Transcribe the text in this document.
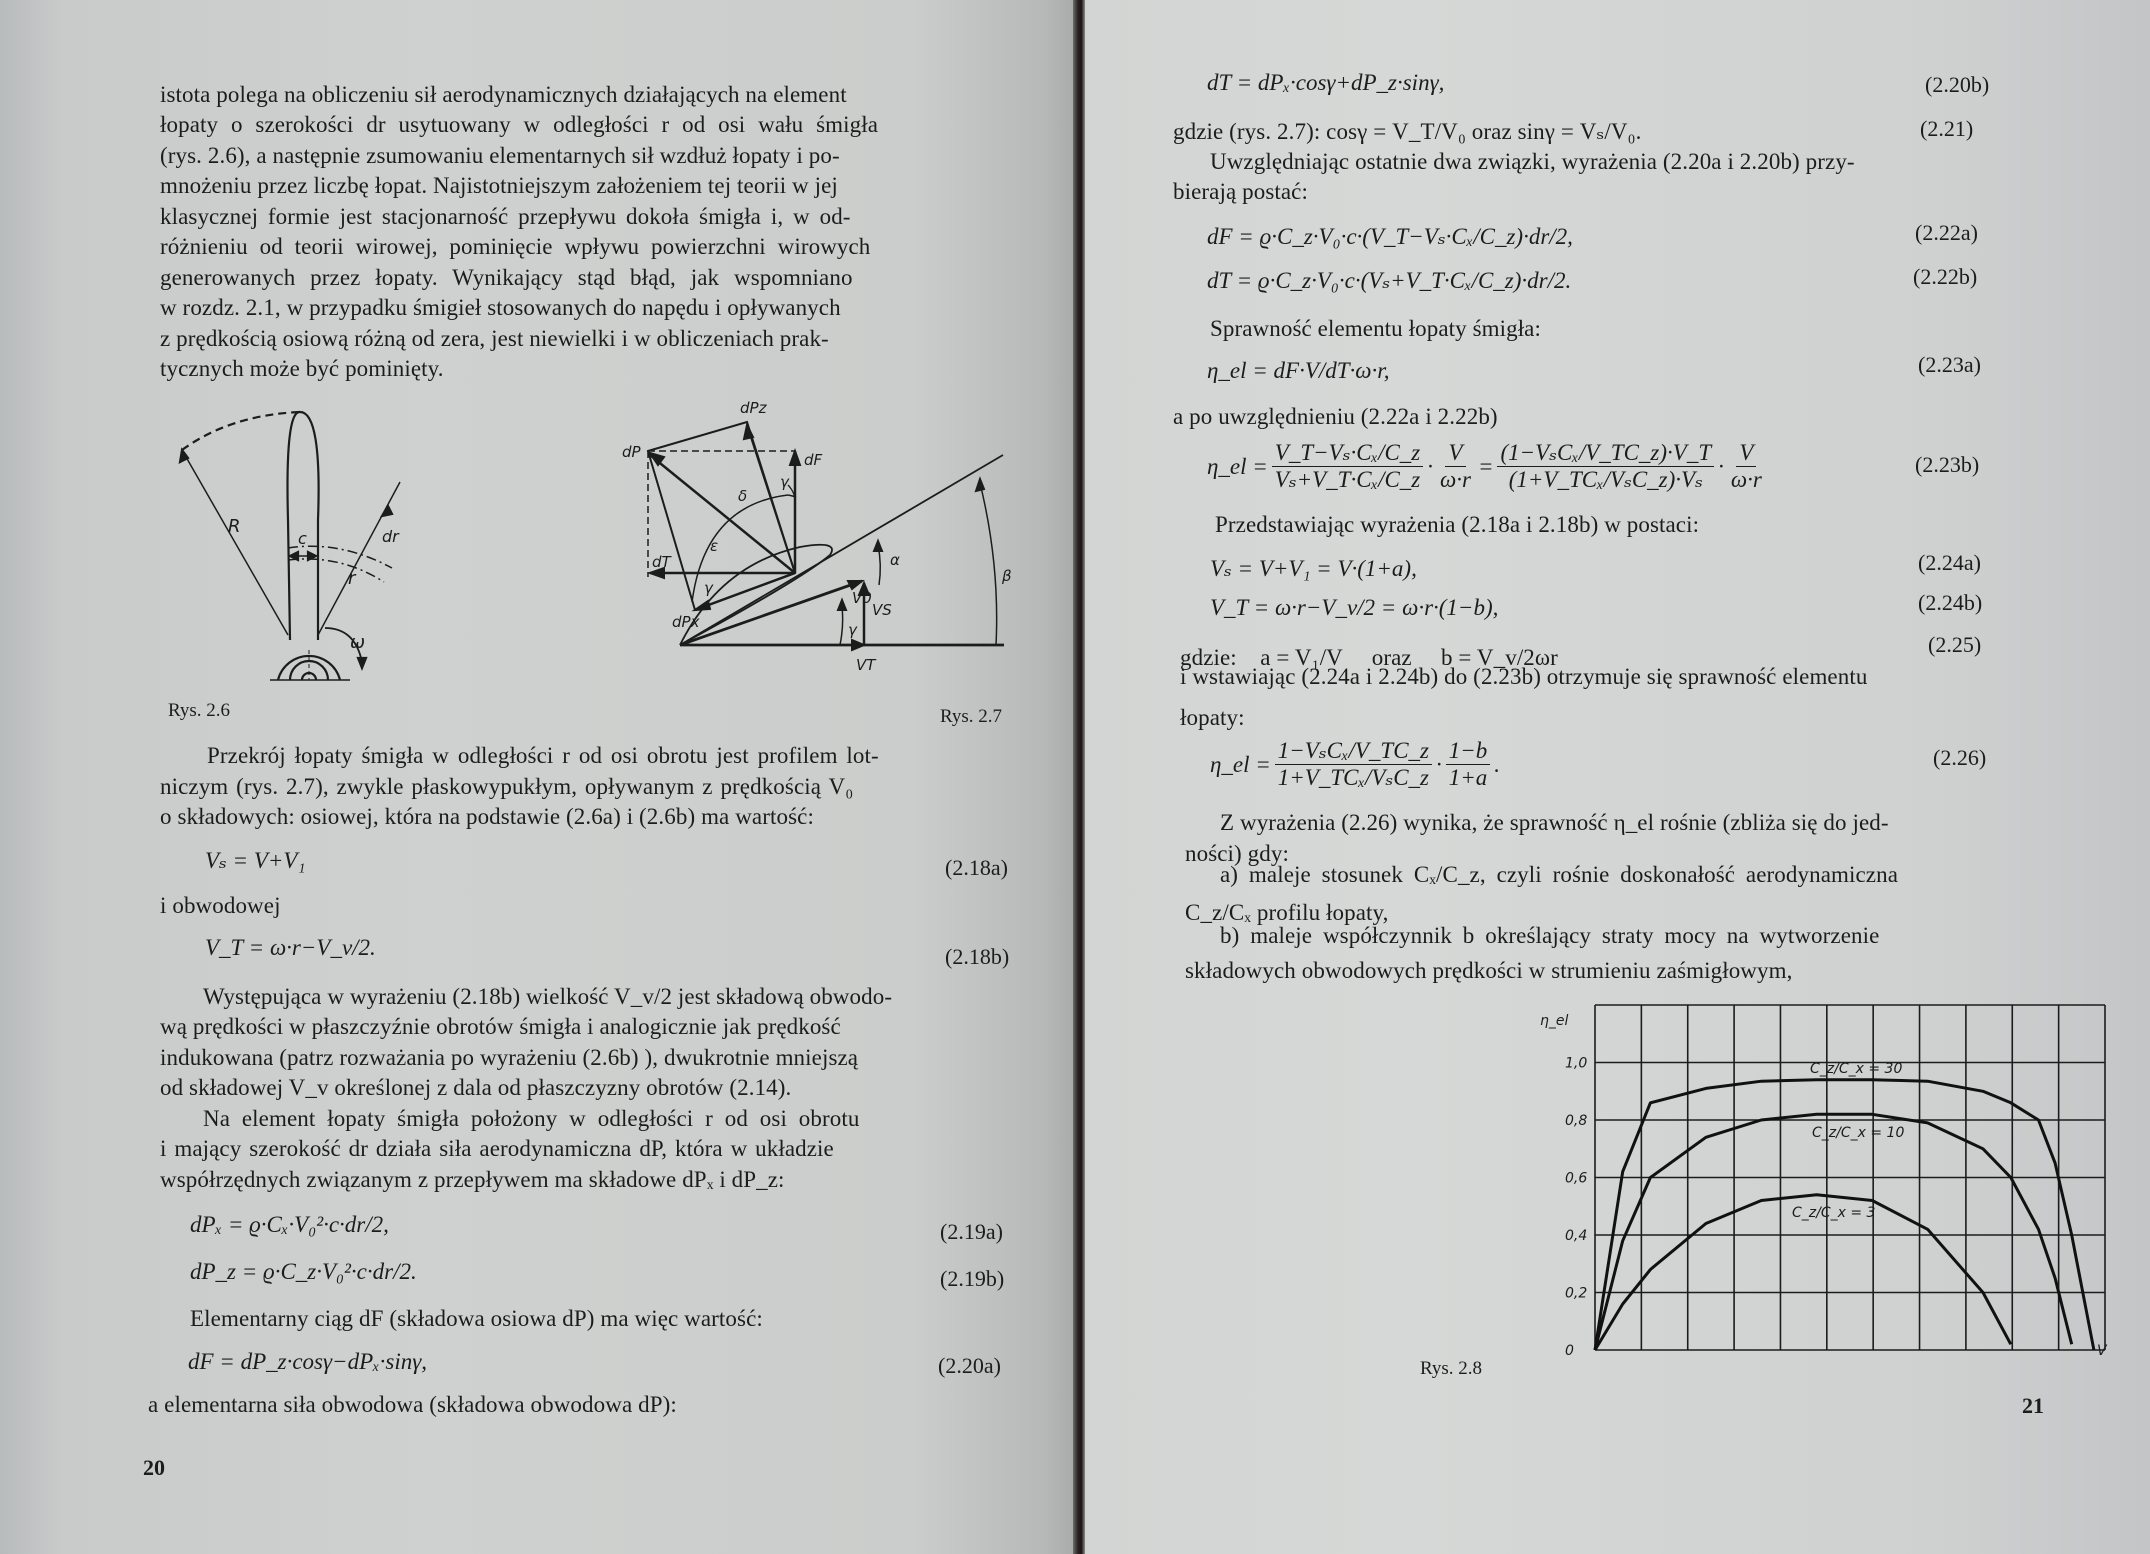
istota polega na obliczeniu sił aerodynamicznych działających na element
łopaty o szerokości dr usytuowany w odległości r od osi wału śmigła
(rys. 2.6), a następnie zsumowaniu elementarnych sił wzdłuż łopaty i po-
mnożeniu przez liczbę łopat. Najistotniejszym założeniem tej teorii w jej
klasycznej formie jest stacjonarność przepływu dokoła śmigła i, w od-
różnieniu od teorii wirowej, pominięcie wpływu powierzchni wirowych
generowanych przez łopaty. Wynikający stąd błąd, jak wspomniano
w rozdz. 2.1, w przypadku śmigieł stosowanych do napędu i opływanych
z prędkością osiową różną od zera, jest niewielki i w obliczeniach prak-
tycznych może być pominięty.
R
c	dr
r
ω
Rys. 2.6
dPz
dP	dF
dT
dPx
γ
δ
ε
γ
α
β
V0
VS
γ
VT
Rys. 2.7
Przekrój łopaty śmigła w odległości r od osi obrotu jest profilem lot-
niczym (rys. 2.7), zwykle płaskowypukłym, opływanym z prędkością V₀
o składowych: osiowej, która na podstawie (2.6a) i (2.6b) ma wartość:
Vₛ = V+V₁	(2.18a)
i obwodowej
V_T = ω·r−V_v/2.	(2.18b)
Występująca w wyrażeniu (2.18b) wielkość V_v/2 jest składową obwodo-
wą prędkości w płaszczyźnie obrotów śmigła i analogicznie jak prędkość
indukowana (patrz rozważania po wyrażeniu (2.6b) ), dwukrotnie mniejszą
od składowej V_v określonej z dala od płaszczyzny obrotów (2.14).
Na element łopaty śmigła położony w odległości r od osi obrotu
i mający szerokość dr działa siła aerodynamiczna dP, która w układzie
współrzędnych związanym z przepływem ma składowe dPₓ i dP_z:
dPₓ = ϱ·Cₓ·V₀²·c·dr/2,	(2.19a)
dP_z = ϱ·C_z·V₀²·c·dr/2.	(2.19b)
Elementarny ciąg dF (składowa osiowa dP) ma więc wartość:
dF = dP_z·cosγ−dPₓ·sinγ,	(2.20a)
a elementarna siła obwodowa (składowa obwodowa dP):
20
dT = dPₓ·cosγ+dP_z·sinγ,	(2.20b)
gdzie (rys. 2.7): cosγ = V_T/V₀ oraz sinγ = Vₛ/V₀.	(2.21)
Uwzględniając ostatnie dwa związki, wyrażenia (2.20a i 2.20b) przy-
bierają postać:
dF = ϱ·C_z·V₀·c·(V_T−Vₛ·Cₓ/C_z)·dr/2,	(2.22a)
dT = ϱ·C_z·V₀·c·(Vₛ+V_T·Cₓ/C_z)·dr/2.	(2.22b)
Sprawność elementu łopaty śmigła:
η_el = dF·V/dT·ω·r,	(2.23a)
a po uwzględnieniu (2.22a i 2.22b)
η_el = $\frac{\text{V\_T−Vₛ·Cₓ/C\_z}}{\text{Vₛ+V\_T·Cₓ/C\_z}} \cdot \frac{V}{\omega\cdot r} = \frac{\text{(1−VₛCₓ/V\_TC\_z)·V\_T}}{\text{(1+V\_TCₓ/VₛC\_z)·Vₛ}} \cdot \frac{V}{\omega\cdot r}$	(2.23b)
Przedstawiając wyrażenia (2.18a i 2.18b) w postaci:
Vₛ = V+V₁ = V·(1+a),	(2.24a)
V_T = ω·r−V_v/2 = ω·r·(1−b),	(2.24b)
gdzie:    a = V₁/V     oraz     b = V_v/2ωr
(2.25)
i wstawiając (2.24a i 2.24b) do (2.23b) otrzymuje się sprawność elementu
łopaty:
η_el = $\frac{\text{1−VₛCₓ/V\_TC\_z}}{\text{1+V\_TCₓ/VₛC\_z}} \cdot \frac{1-b}{1+a}$ .	(2.26)
Z wyrażenia (2.26) wynika, że sprawność η_el rośnie (zbliża się do jed-
ności) gdy:
a) maleje stosunek Cₓ/C_z, czyli rośnie doskonałość aerodynamiczna
C_z/Cₓ profilu łopaty,
b) maleje współczynnik b określający straty mocy na wytworzenie
składowych obwodowych prędkości w strumieniu zaśmigłowym,
0
0,2
0,4
0,6
0,8
1,0
η_el
V
C_z/C_x = 30
C_z/C_x = 10
C_z/C_x = 3
Rys. 2.8
21
